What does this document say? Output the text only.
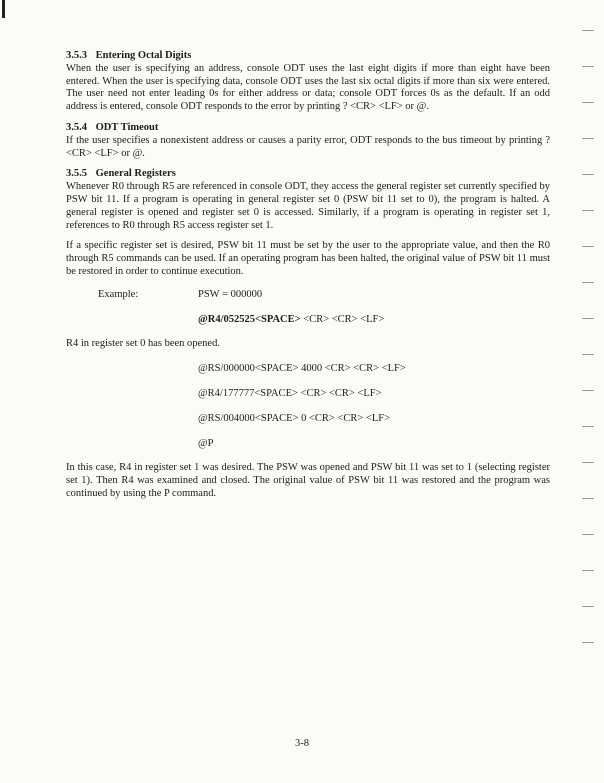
3.5.3 Entering Octal Digits

When the user is specifying an address, console ODT uses the last eight digits if more than eight have been entered. When the user is specifying data, console ODT uses the last six octal digits if more than six were entered. The user need not enter leading 0s for either address or data; console ODT forces 0s as the default. If an odd address is entered, console ODT responds to the error by printing ? <CR> <LF> or @.

3.5.4 ODT Timeout

If the user specifies a nonexistent address or causes a parity error, ODT responds to the bus timeout by printing ? <CR> <LF> or @.

3.5.5 General Registers

Whenever R0 through R5 are referenced in console ODT, they access the general register set currently specified by PSW bit 11. If a program is operating in general register set 0 (PSW bit 11 set to 0), the program is halted. A general register is opened and register set 0 is accessed. Similarly, if a program is operating in register set 1, references to R0 through R5 access register set 1.

If a specific register set is desired, PSW bit 11 must be set by the user to the appropriate value, and then the R0 through R5 commands can be used. If an operating program has been halted, the original value of PSW bit 11 must be restored in order to continue execution.

Example:	PSW = 000000
@R4/052525<SPACE> <CR> <CR> <LF>

R4 in register set 0 has been opened.

@RS/000000<SPACE> 4000 <CR> <CR> <LF>
@R4/177777<SPACE> <CR> <CR> <LF>
@RS/004000<SPACE> 0 <CR> <CR> <LF>
@P

In this case, R4 in register set 1 was desired. The PSW was opened and PSW bit 11 was set to 1 (selecting register set 1). Then R4 was examined and closed. The original value of PSW bit 11 was restored and the program was continued by using the P command.

3-8
